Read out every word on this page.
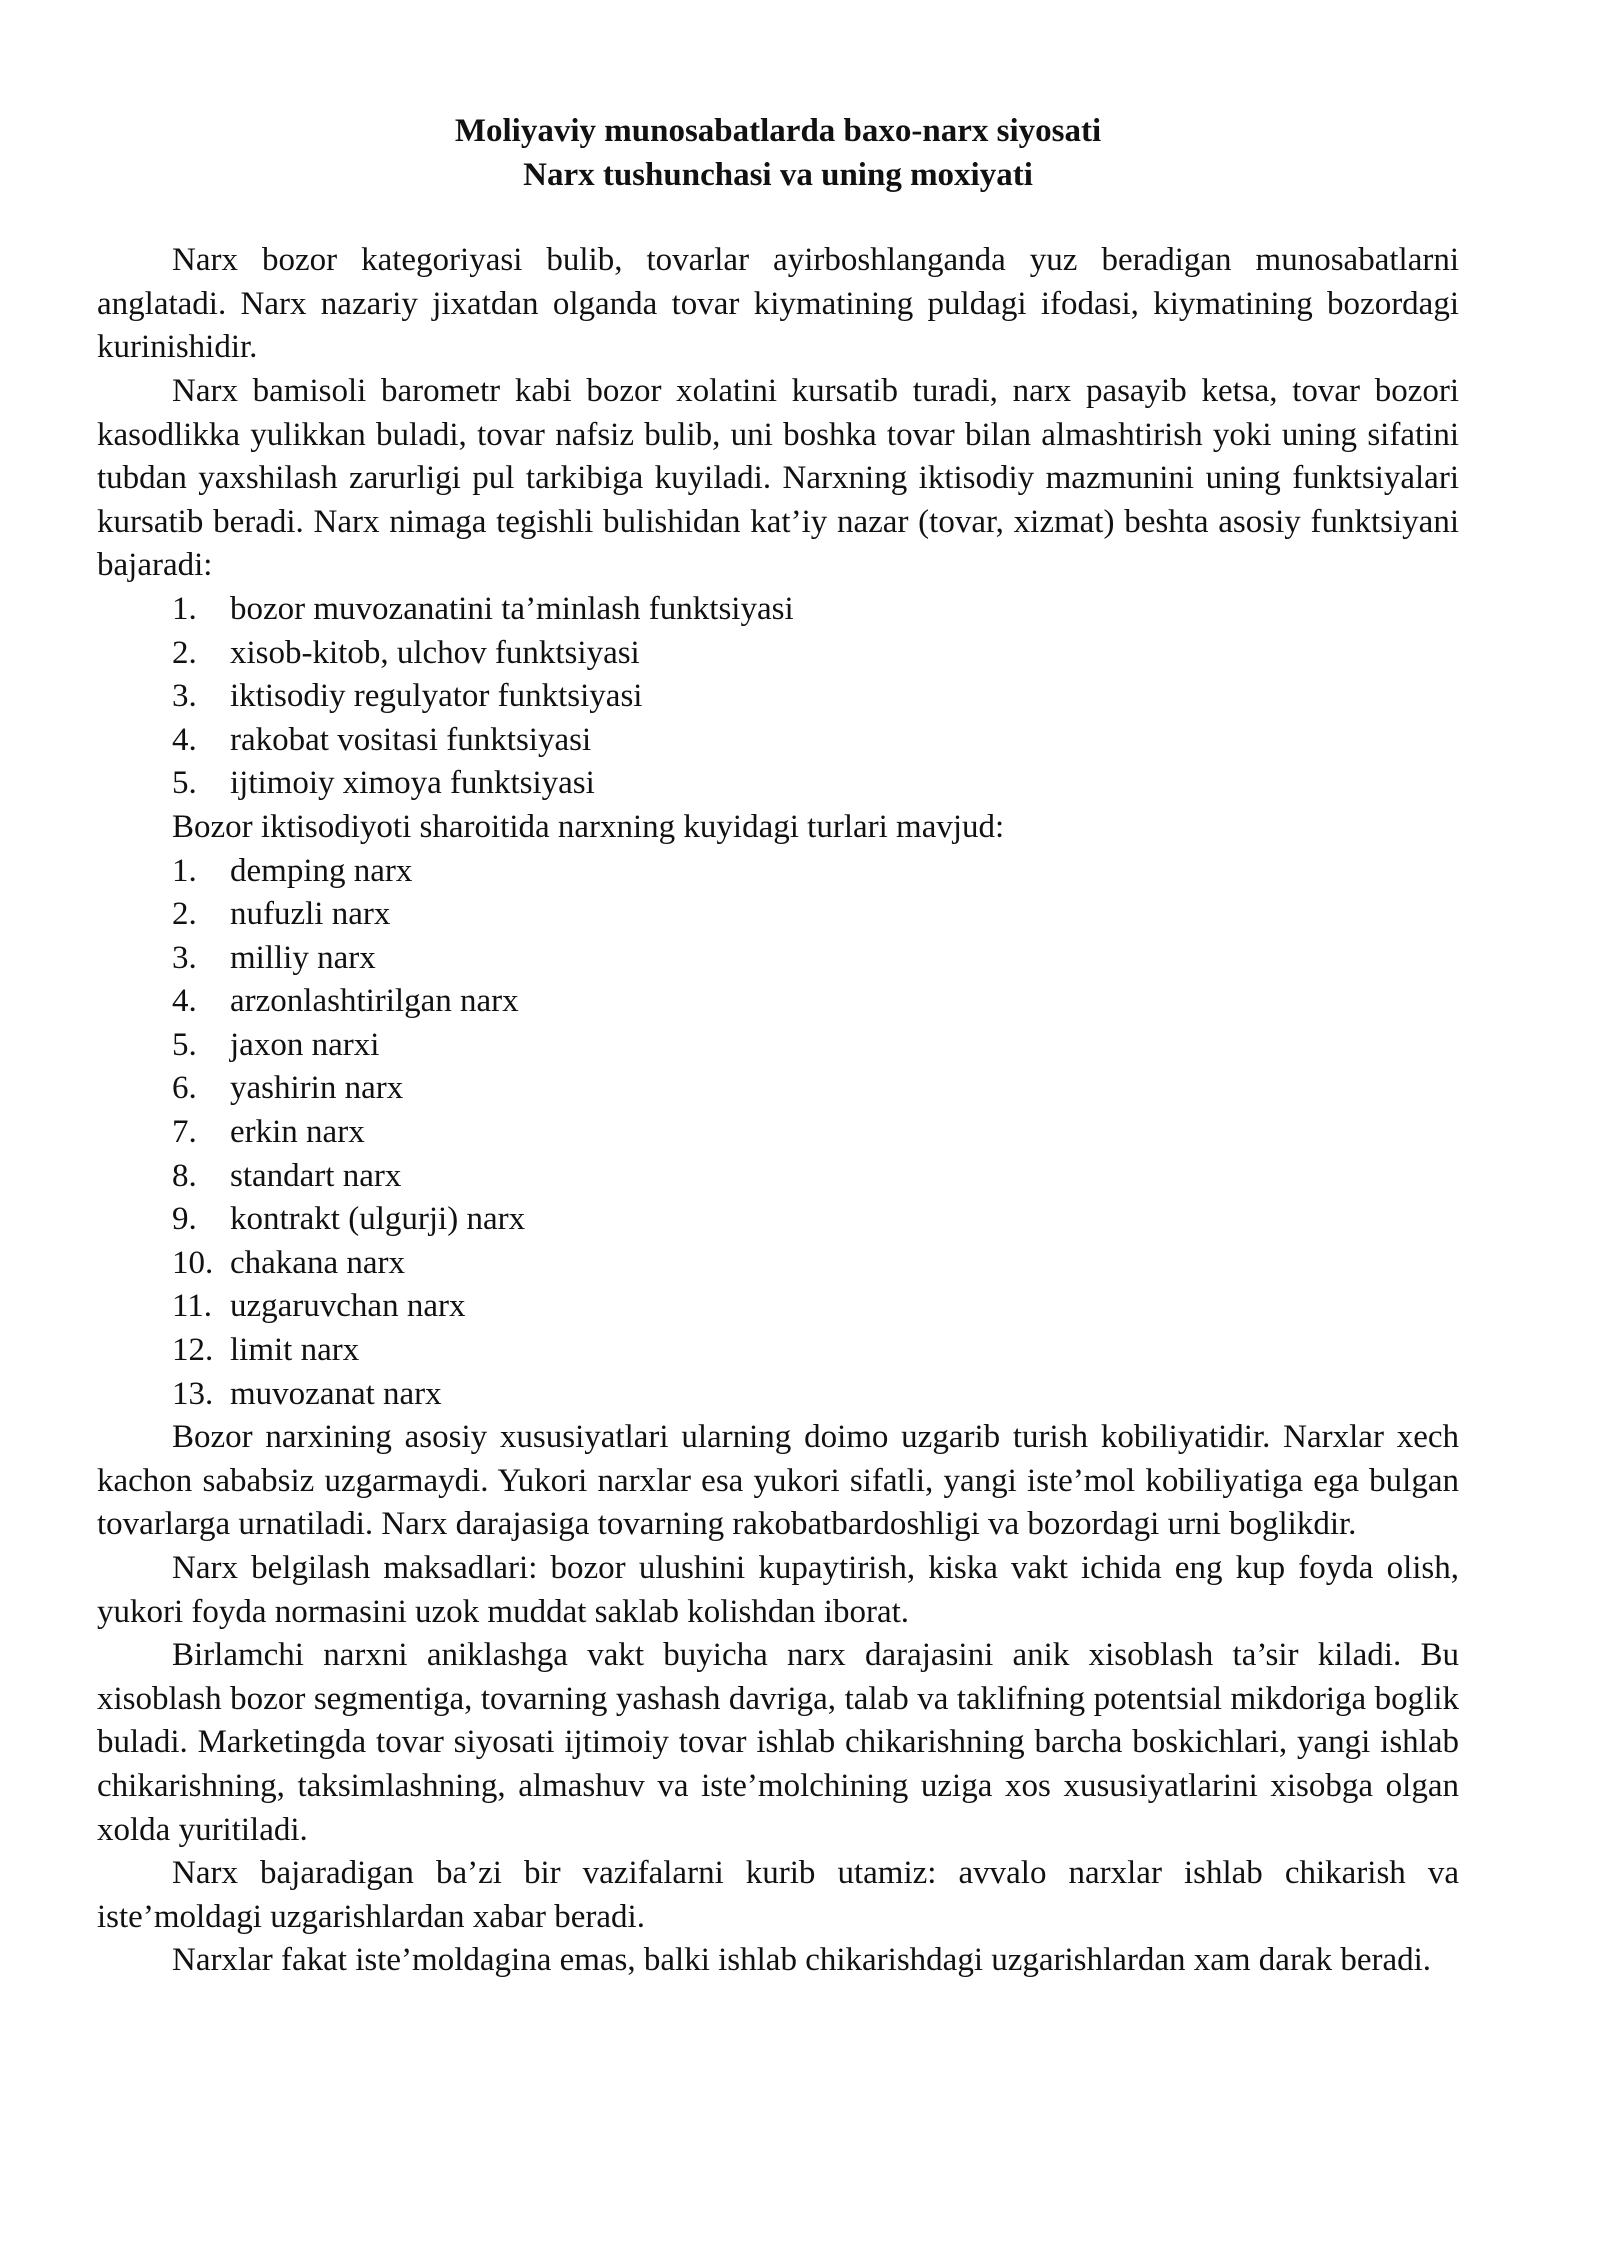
Moliyaviy munosabatlarda baxo-narx siyosati
Narx tushunchasi va uning moxiyati

Narx bozor kategoriyasi bulib, tovarlar ayirboshlanganda yuz beradigan munosabatlarni anglatadi. Narx nazariy jixatdan olganda tovar kiymatining puldagi ifodasi, kiymatining bozordagi kurinishidir.

Narx bamisoli barometr kabi bozor xolatini kursatib turadi, narx pasayib ketsa, tovar bozori kasodlikka yulikkan buladi, tovar nafsiz bulib, uni boshka tovar bilan almashtirish yoki uning sifatini tubdan yaxshilash zarurligi pul tarkibiga kuyiladi. Narxning iktisodiy mazmunini uning funktsiyalari kursatib beradi. Narx nimaga tegishli bulishidan kat’iy nazar (tovar, xizmat) beshta asosiy funktsiyani bajaradi:

1. bozor muvozanatini ta’minlash funktsiyasi
2. xisob-kitob, ulchov funktsiyasi
3. iktisodiy regulyator funktsiyasi
4. rakobat vositasi funktsiyasi
5. ijtimoiy ximoya funktsiyasi

Bozor iktisodiyoti sharoitida narxning kuyidagi turlari mavjud:

1. demping narx
2. nufuzli narx
3. milliy narx
4. arzonlashtirilgan narx
5. jaxon narxi
6. yashirin narx
7. erkin narx
8. standart narx
9. kontrakt (ulgurji) narx
10. chakana narx
11. uzgaruvchan narx
12. limit narx
13. muvozanat narx

Bozor narxining asosiy xususiyatlari ularning doimo uzgarib turish kobiliyatidir. Narxlar xech kachon sababsiz uzgarmaydi. Yukori narxlar esa yukori sifatli, yangi iste’mol kobiliyatiga ega bulgan tovarlarga urnatiladi. Narx darajasiga tovarning rakobatbardoshligi va bozordagi urni boglikdir.

Narx belgilash maksadlari: bozor ulushini kupaytirish, kiska vakt ichida eng kup foyda olish, yukori foyda normasini uzok muddat saklab kolishdan iborat.

Birlamchi narxni aniklashga vakt buyicha narx darajasini anik xisoblash ta’sir kiladi. Bu xisoblash bozor segmentiga, tovarning yashash davriga, talab va taklifning potentsial mikdoriga boglik buladi. Marketingda tovar siyosati ijtimoiy tovar ishlab chikarishning barcha boskichlari, yangi ishlab chikarishning, taksimlashning, almashuv va iste’molchining uziga xos xususiyatlarini xisobga olgan xolda yuritiladi.

Narx bajaradigan ba’zi bir vazifalarni kurib utamiz: avvalo narxlar ishlab chikarish va iste’moldagi uzgarishlardan xabar beradi.

Narxlar fakat iste’moldagina emas, balki ishlab chikarishdagi uzgarishlardan xam darak beradi.
